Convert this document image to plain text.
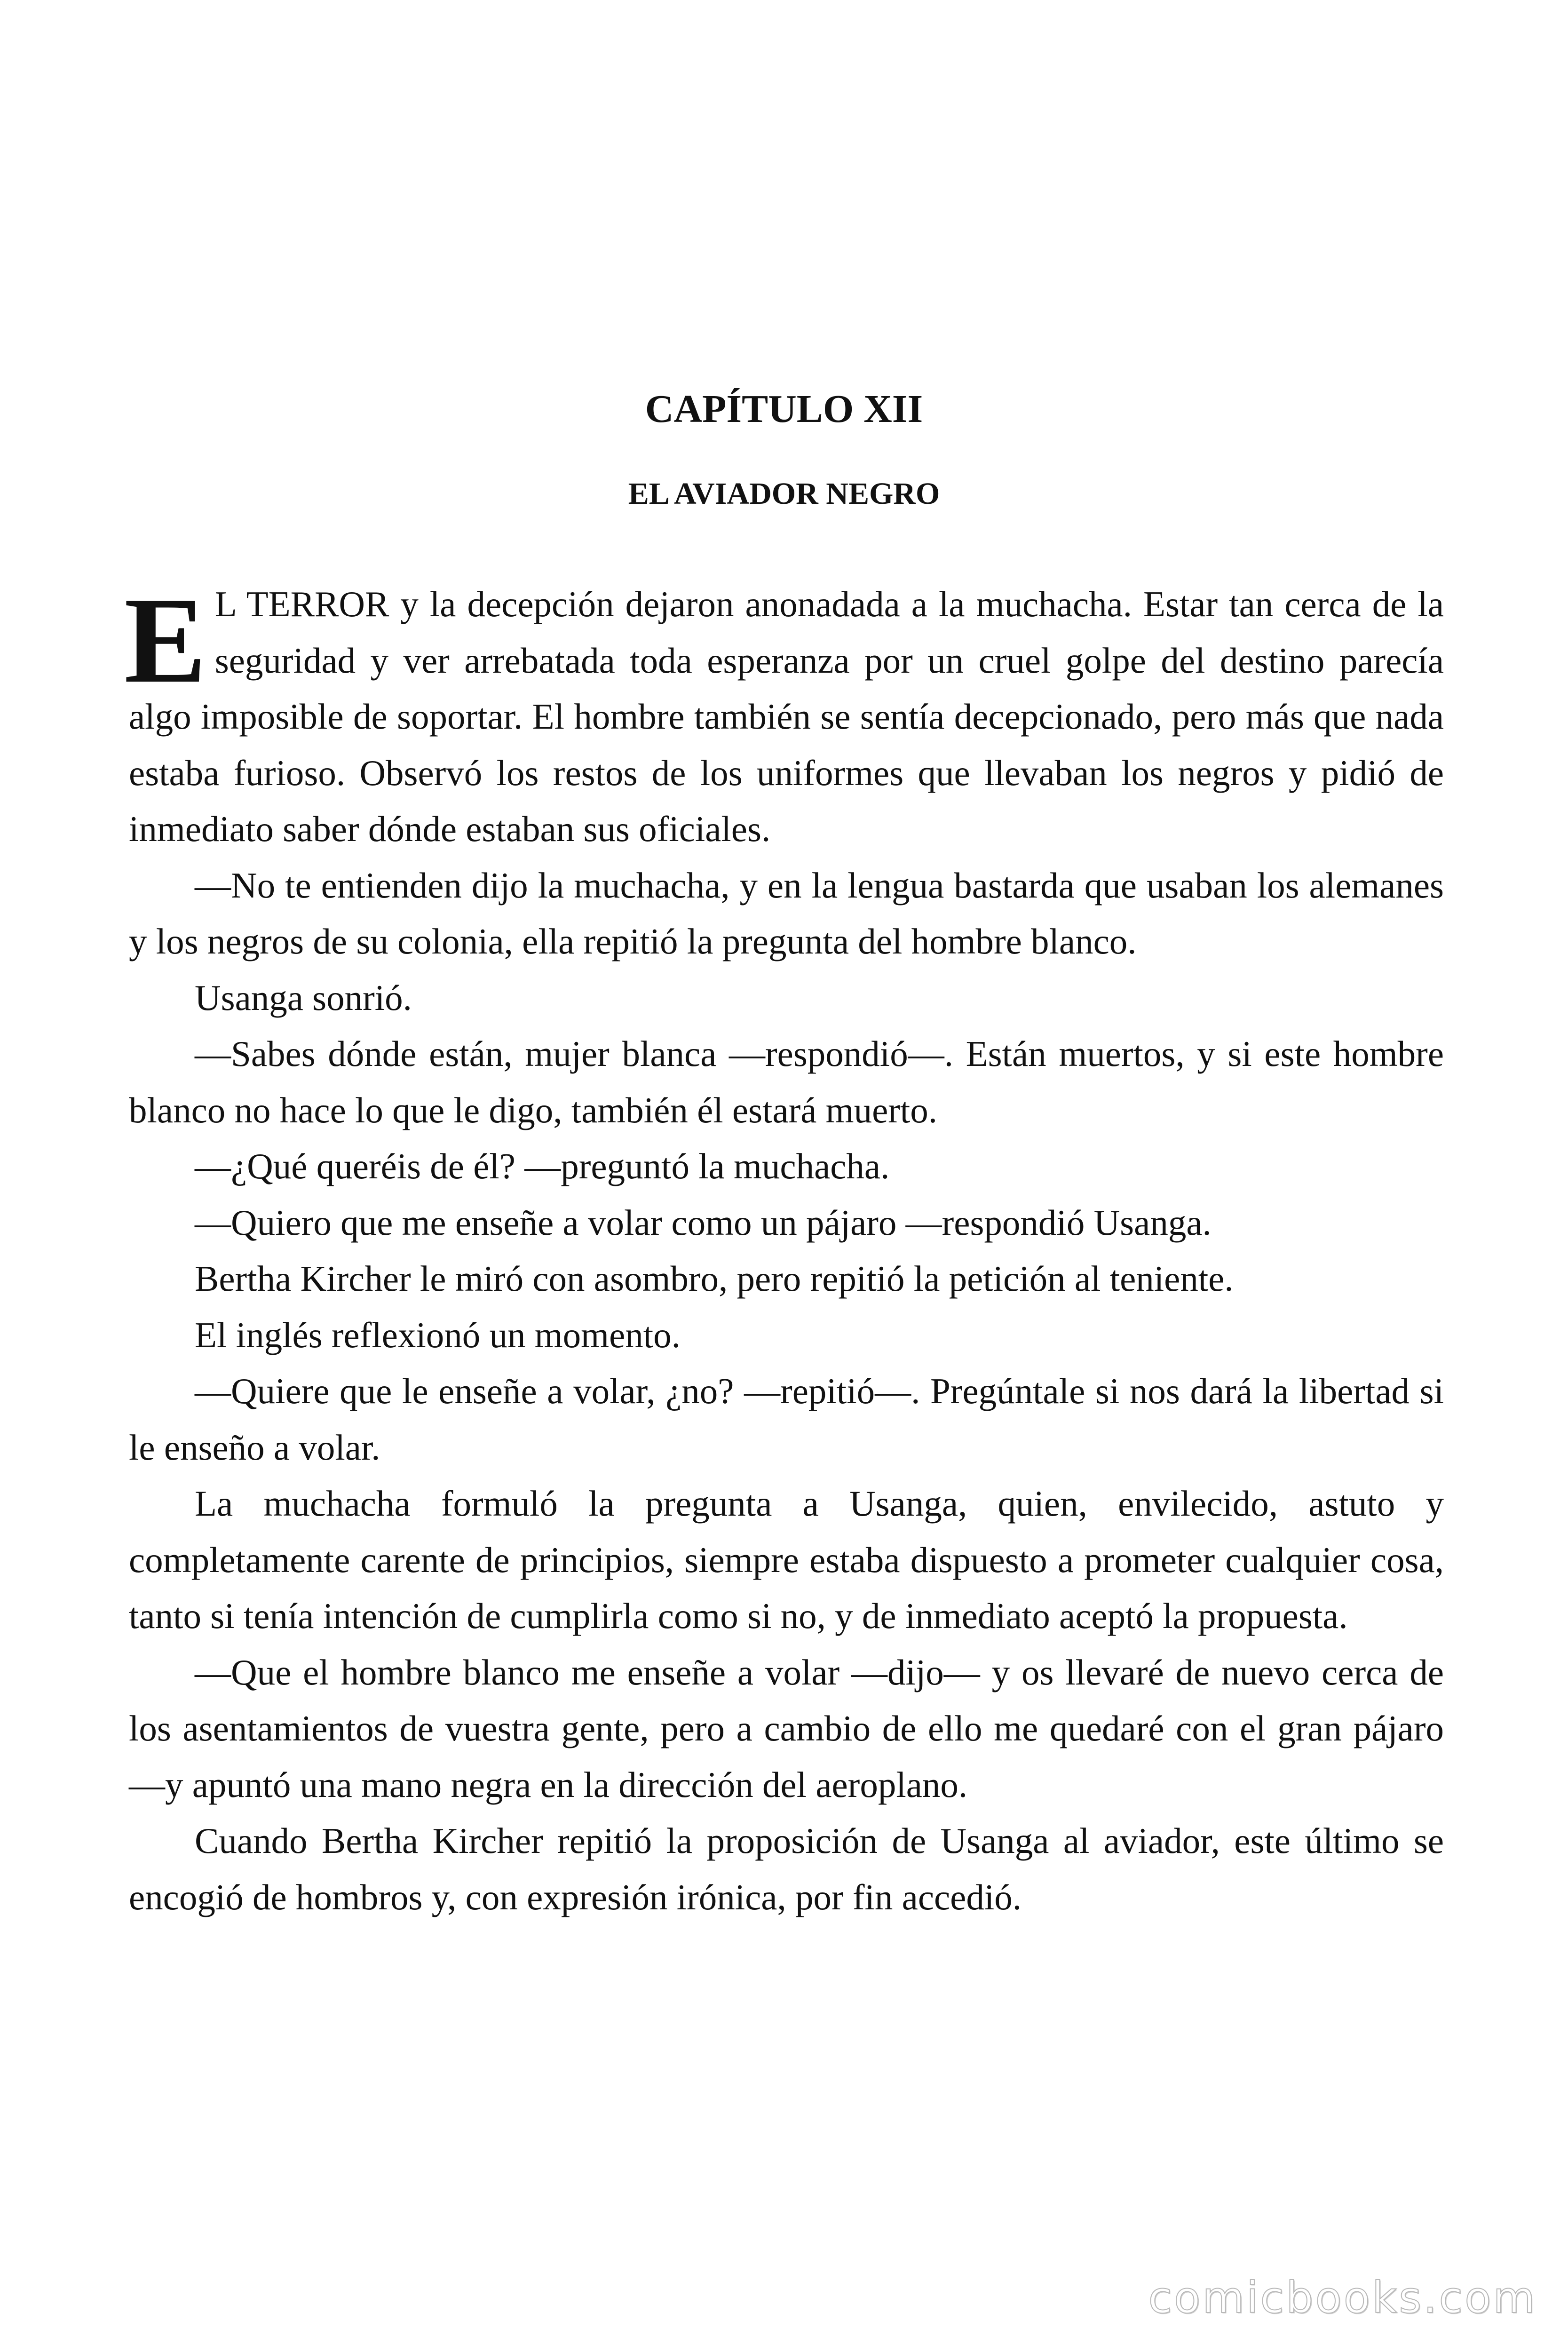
CAPÍTULO XII
EL AVIADOR NEGRO

E L TERROR y la decepción dejaron anonadada a la muchacha. Estar tan cerca de la seguridad y ver arrebatada toda esperanza por un cruel golpe del destino parecía algo imposible de soportar. El hombre también se sentía decepcionado, pero más que nada estaba furioso. Observó los restos de los uniformes que llevaban los negros y pidió de inmediato saber dónde estaban sus oficiales.

—No te entienden dijo la muchacha, y en la lengua bastarda que usaban los alemanes y los negros de su colonia, ella repitió la pregunta del hombre blanco.

Usanga sonrió.

—Sabes dónde están, mujer blanca —respondió—. Están muertos, y si este hombre blanco no hace lo que le digo, también él estará muerto.

—¿Qué queréis de él? —preguntó la muchacha.

—Quiero que me enseñe a volar como un pájaro —respondió Usanga.

Bertha Kircher le miró con asombro, pero repitió la petición al teniente.

El inglés reflexionó un momento.

—Quiere que le enseñe a volar, ¿no? —repitió—. Pregúntale si nos dará la libertad si le enseño a volar.

La muchacha formuló la pregunta a Usanga, quien, envilecido, astuto y completamente carente de principios, siempre estaba dispuesto a prometer cualquier cosa, tanto si tenía intención de cumplirla como si no, y de inmediato aceptó la propuesta.

—Que el hombre blanco me enseñe a volar —dijo— y os llevaré de nuevo cerca de los asentamientos de vuestra gente, pero a cambio de ello me quedaré con el gran pájaro —y apuntó una mano negra en la dirección del aeroplano.

Cuando Bertha Kircher repitió la proposición de Usanga al aviador, este último se encogió de hombros y, con expresión irónica, por fin accedió.

comicbooks.com
